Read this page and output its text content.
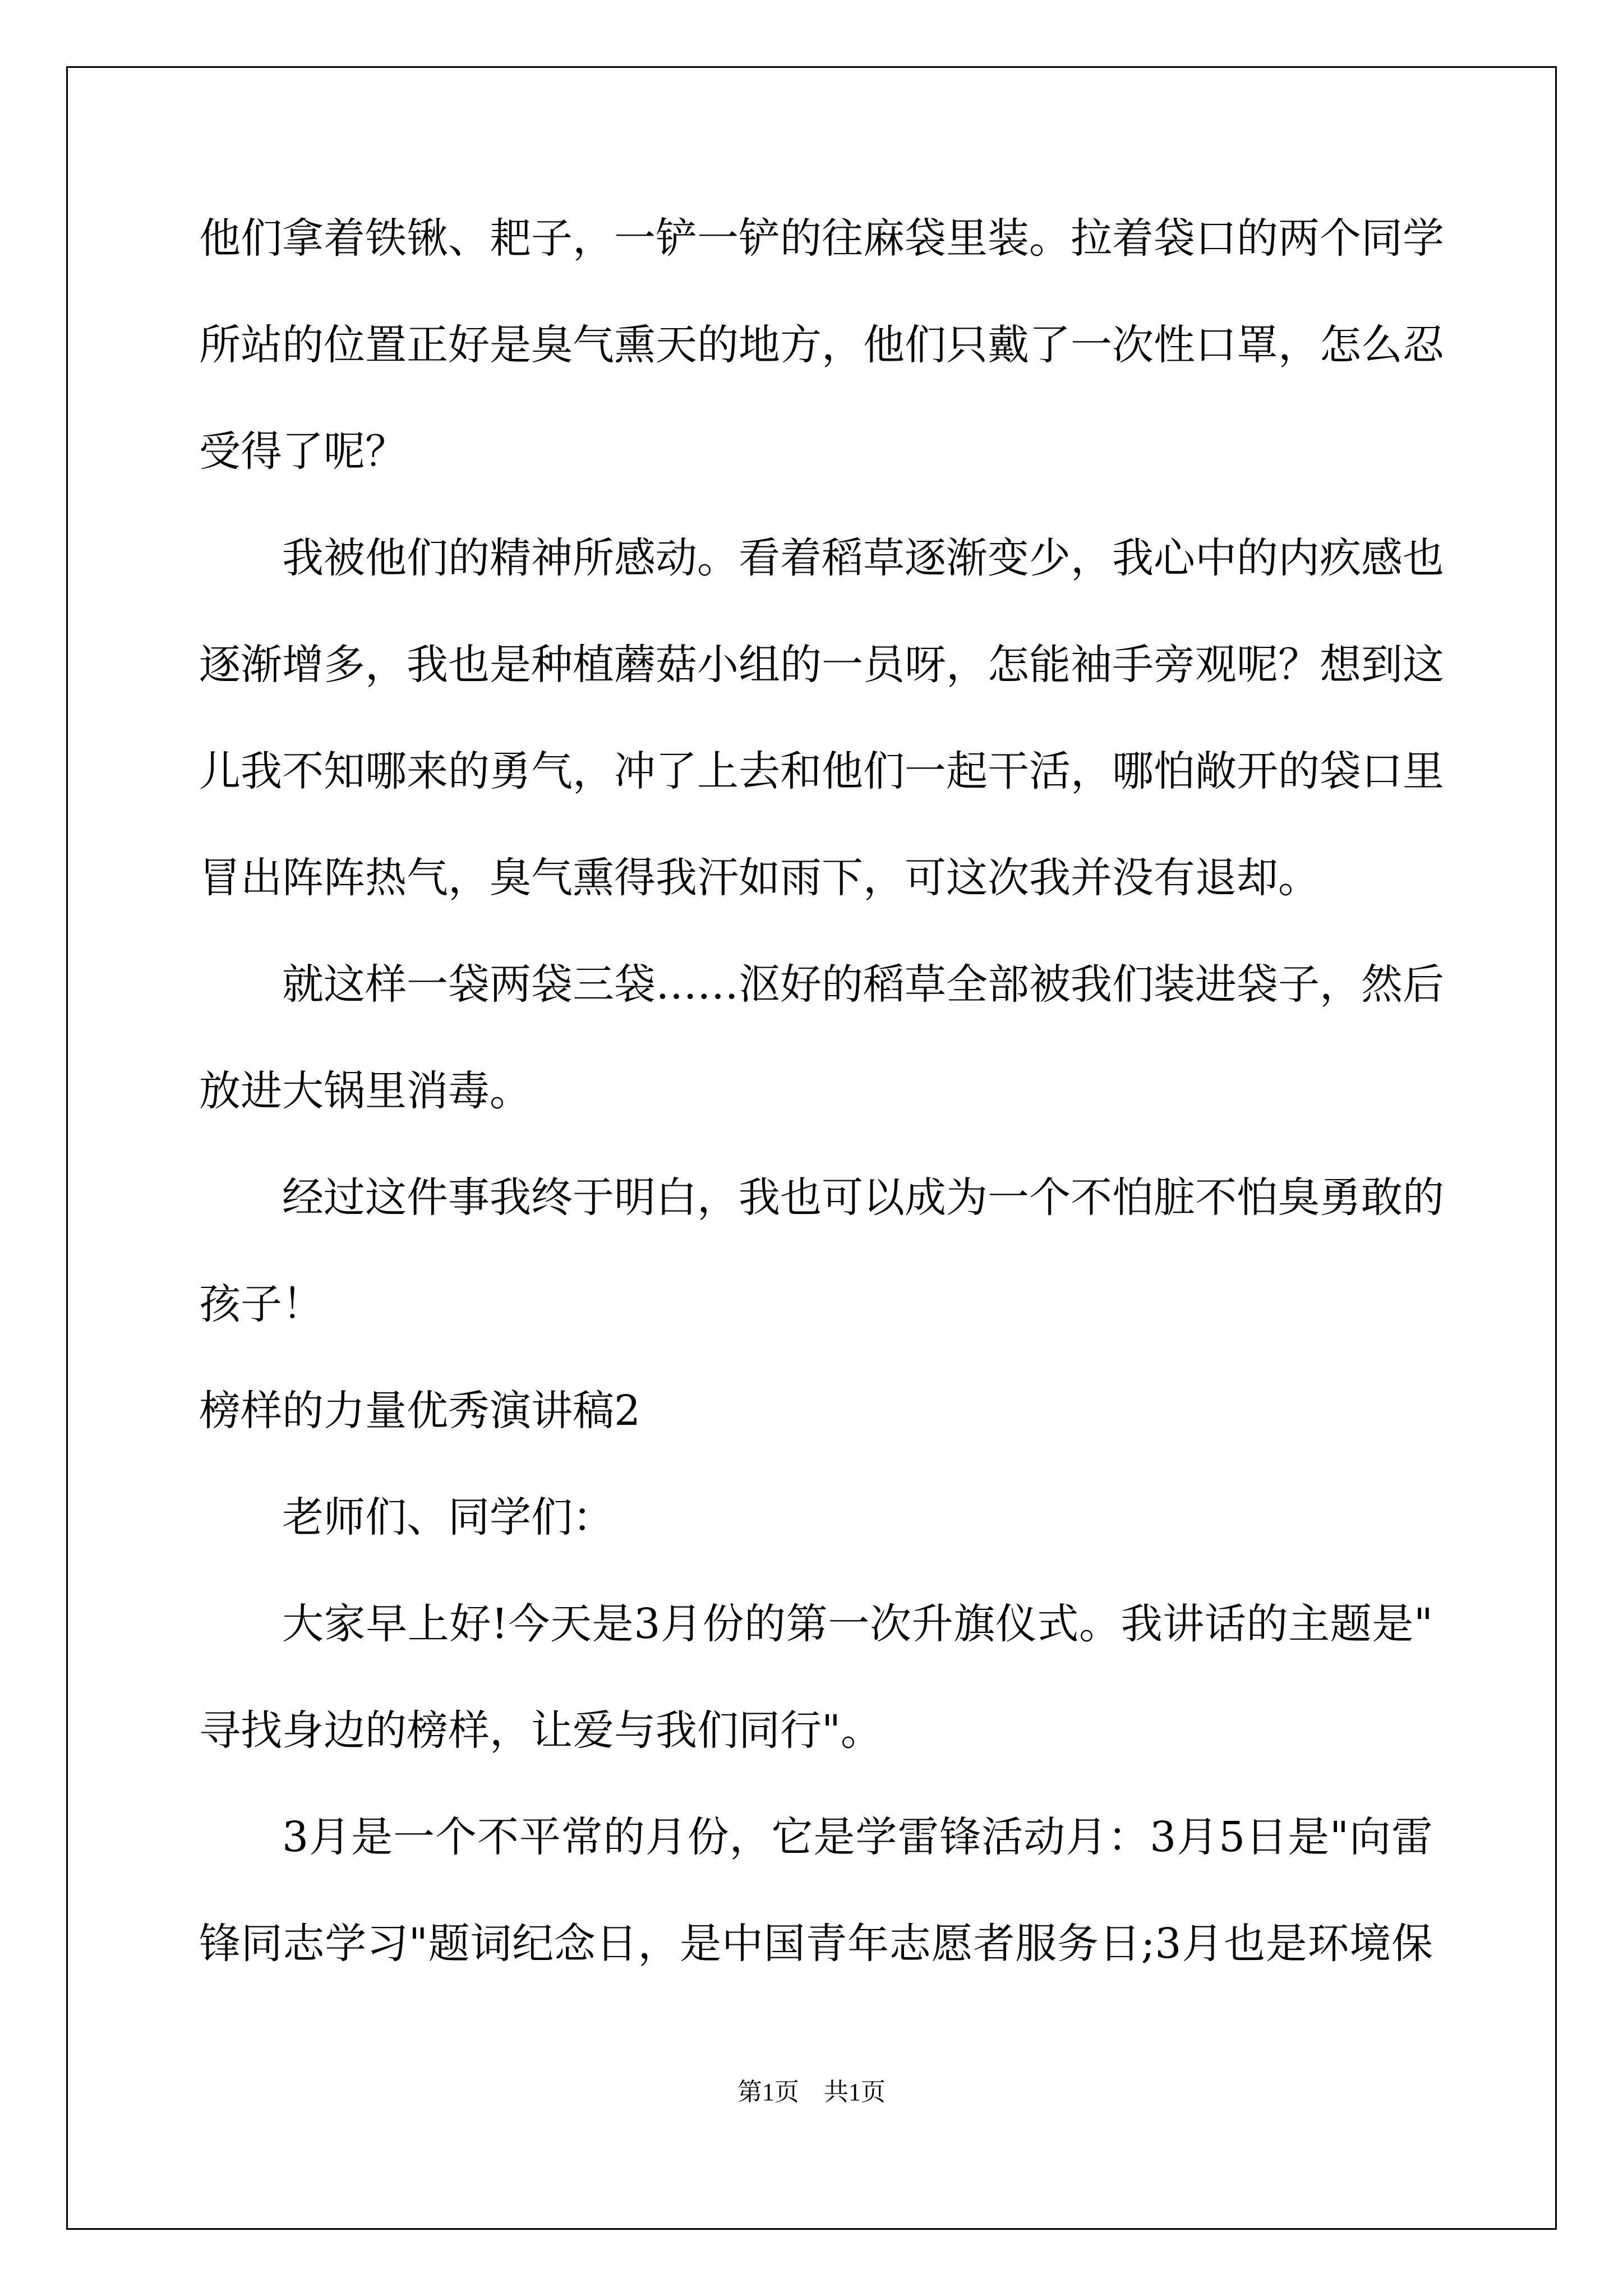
他们拿着铁锹、耙子，一铲一铲的往麻袋里装。拉着袋口的两个同学
所站的位置正好是臭气熏天的地方，他们只戴了一次性口罩，怎么忍
受得了呢？
我被他们的精神所感动。看着稻草逐渐变少，我心中的内疚感也
逐渐增多，我也是种植蘑菇小组的一员呀，怎能袖手旁观呢？想到这
儿我不知哪来的勇气，冲了上去和他们一起干活，哪怕敞开的袋口里
冒出阵阵热气，臭气熏得我汗如雨下，可这次我并没有退却。
就这样一袋两袋三袋……沤好的稻草全部被我们装进袋子，然后
放进大锅里消毒。
经过这件事我终于明白，我也可以成为一个不怕脏不怕臭勇敢的
孩子！
榜样的力量优秀演讲稿2
老师们、同学们：
大家早上好!今天是3月份的第一次升旗仪式。我讲话的主题是"
寻找身边的榜样，让爱与我们同行"。
3月是一个不平常的月份，它是学雷锋活动月：3月5日是"向雷
锋同志学习"题词纪念日，是中国青年志愿者服务日;3月也是环境保
第1页　共1页
